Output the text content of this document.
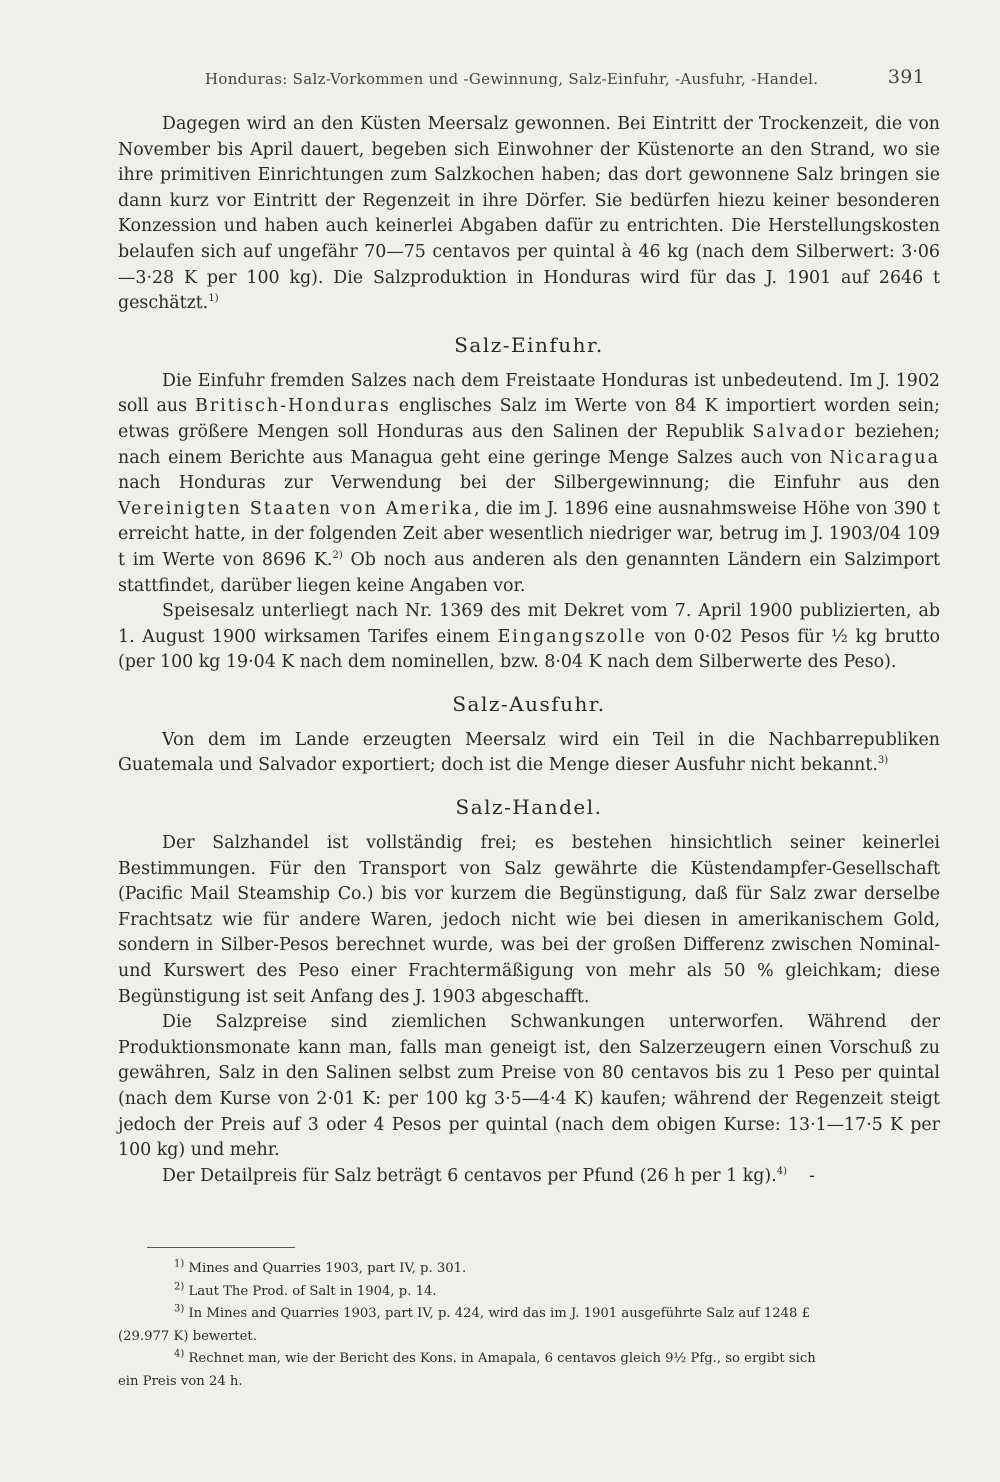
Honduras: Salz-Vorkommen und -Gewinnung, Salz-Einfuhr, -Ausfuhr, -Handel.	391

Dagegen wird an den Küsten Meersalz gewonnen. Bei Eintritt der Trockenzeit, die von November bis April dauert, begeben sich Einwohner der Küstenorte an den Strand, wo sie ihre primitiven Einrichtungen zum Salzkochen haben; das dort gewonnene Salz bringen sie dann kurz vor Eintritt der Regenzeit in ihre Dörfer. Sie bedürfen hiezu keiner besonderen Konzession und haben auch keinerlei Abgaben dafür zu entrichten. Die Herstellungskosten belaufen sich auf ungefähr 70—75 centavos per quintal à 46 kg (nach dem Silberwert: 3·06—3·28 K per 100 kg). Die Salzproduktion in Honduras wird für das J. 1901 auf 2646 t geschätzt.$^{1)}$

Salz-Einfuhr.

Die Einfuhr fremden Salzes nach dem Freistaate Honduras ist unbedeutend. Im J. 1902 soll aus Britisch-Honduras englisches Salz im Werte von 84 K importiert worden sein; etwas größere Mengen soll Honduras aus den Salinen der Republik Salvador beziehen; nach einem Berichte aus Managua geht eine geringe Menge Salzes auch von Nicaragua nach Honduras zur Verwendung bei der Silbergewinnung; die Einfuhr aus den Vereinigten Staaten von Amerika, die im J. 1896 eine ausnahmsweise Höhe von 390 t erreicht hatte, in der folgenden Zeit aber wesentlich niedriger war, betrug im J. 1903/04 109 t im Werte von 8696 K.$^{2)}$ Ob noch aus anderen als den genannten Ländern ein Salzimport stattfindet, darüber liegen keine Angaben vor.

Speisesalz unterliegt nach Nr. 1369 des mit Dekret vom 7. April 1900 publizierten, ab 1. August 1900 wirksamen Tarifes einem Eingangszolle von 0·02 Pesos für ½ kg brutto (per 100 kg 19·04 K nach dem nominellen, bzw. 8·04 K nach dem Silberwerte des Peso).

Salz-Ausfuhr.

Von dem im Lande erzeugten Meersalz wird ein Teil in die Nachbarrepubliken Guatemala und Salvador exportiert; doch ist die Menge dieser Ausfuhr nicht bekannt.$^{3)}$

Salz-Handel.

Der Salzhandel ist vollständig frei; es bestehen hinsichtlich seiner keinerlei Bestimmungen. Für den Transport von Salz gewährte die Küstendampfer-Gesellschaft (Pacific Mail Steamship Co.) bis vor kurzem die Begünstigung, daß für Salz zwar derselbe Frachtsatz wie für andere Waren, jedoch nicht wie bei diesen in amerikanischem Gold, sondern in Silber-Pesos berechnet wurde, was bei der großen Differenz zwischen Nominal- und Kurswert des Peso einer Frachtermäßigung von mehr als 50 % gleichkam; diese Begünstigung ist seit Anfang des J. 1903 abgeschafft.

Die Salzpreise sind ziemlichen Schwankungen unterworfen. Während der Produktionsmonate kann man, falls man geneigt ist, den Salzerzeugern einen Vorschuß zu gewähren, Salz in den Salinen selbst zum Preise von 80 centavos bis zu 1 Peso per quintal (nach dem Kurse von 2·01 K: per 100 kg 3·5—4·4 K) kaufen; während der Regenzeit steigt jedoch der Preis auf 3 oder 4 Pesos per quintal (nach dem obigen Kurse: 13·1—17·5 K per 100 kg) und mehr.

Der Detailpreis für Salz beträgt 6 centavos per Pfund (26 h per 1 kg).$^{4)}$ -

$^{1)}$ Mines and Quarries 1903, part IV, p. 301.

$^{2)}$ Laut The Prod. of Salt in 1904, p. 14.

$^{3)}$ In Mines and Quarries 1903, part IV, p. 424, wird das im J. 1901 ausgeführte Salz auf 1248 £

(29.977 K) bewertet.

$^{4)}$ Rechnet man, wie der Bericht des Kons. in Amapala, 6 centavos gleich 9½ Pfg., so ergibt sich

ein Preis von 24 h.
